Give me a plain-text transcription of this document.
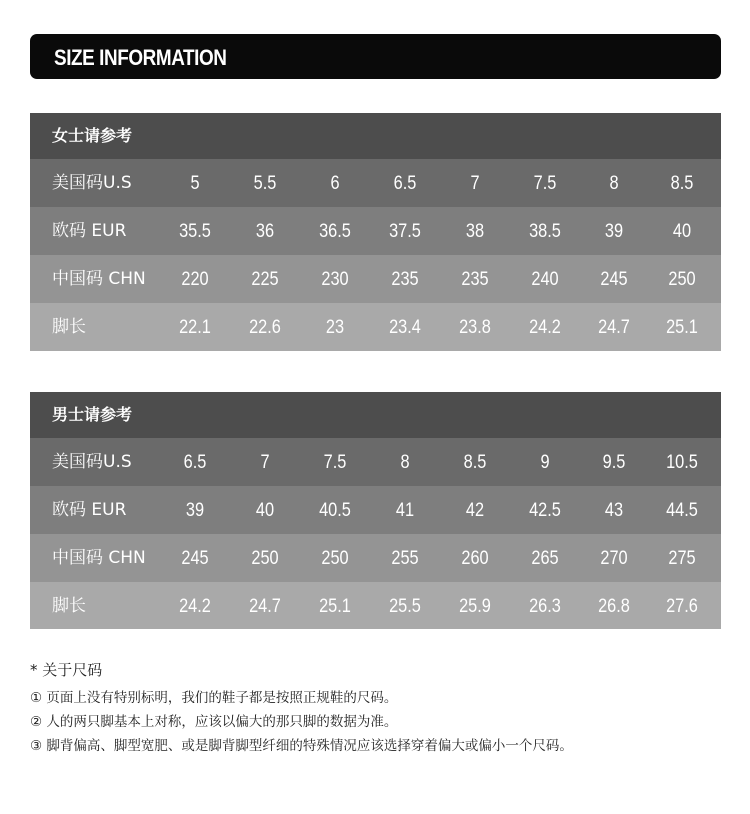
SIZE INFORMATION
女士请参考
美国码U.S	5	5.5	6	6.5	7	7.5	8	8.5
欧码 EUR	35.5	36	36.5	37.5	38	38.5	39	40
中国码 CHN	220	225	230	235	235	240	245	250
脚长	22.1	22.6	23	23.4	23.8	24.2	24.7	25.1
男士请参考
美国码U.S	6.5	7	7.5	8	8.5	9	9.5	10.5
欧码 EUR	39	40	40.5	41	42	42.5	43	44.5
中国码 CHN	245	250	250	255	260	265	270	275
脚长	24.2	24.7	25.1	25.5	25.9	26.3	26.8	27.6
* 关于尺码
① 页面上没有特别标明，我们的鞋子都是按照正规鞋的尺码。
② 人的两只脚基本上对称，应该以偏大的那只脚的数据为准。
③ 脚背偏高、脚型宽肥、或是脚背脚型纤细的特殊情况应该选择穿着偏大或偏小一个尺码。
